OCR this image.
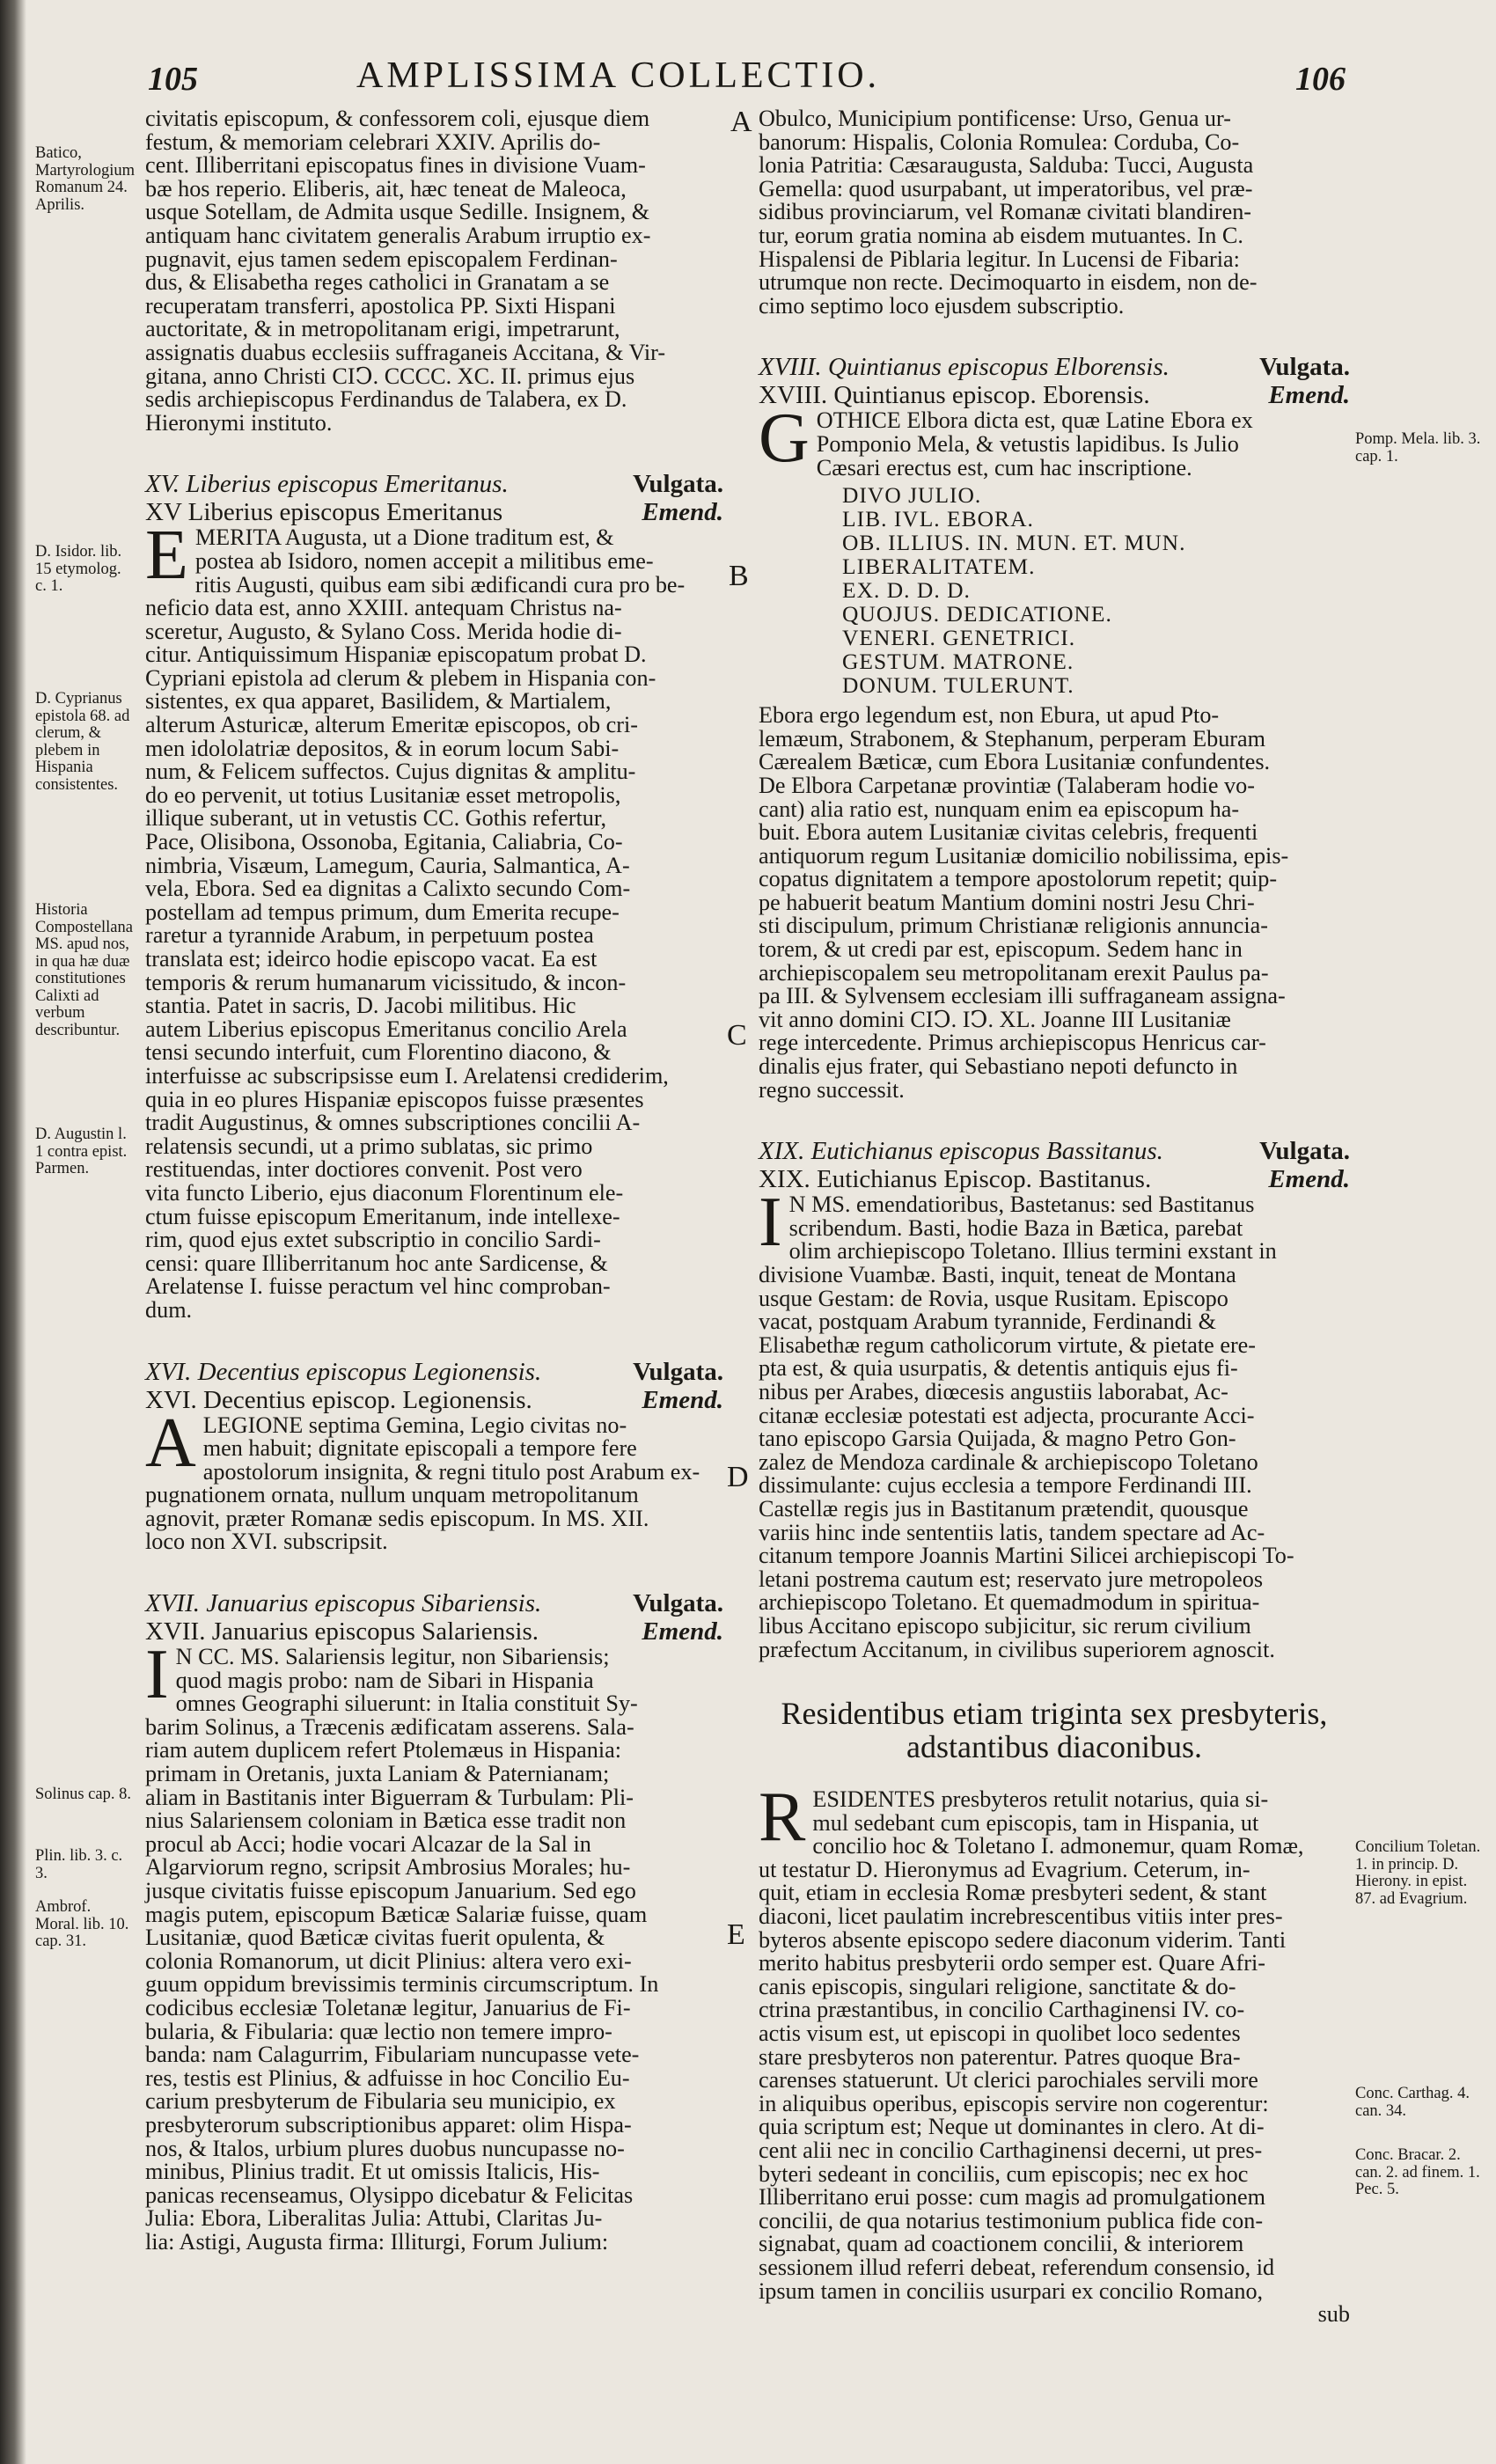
105	AMPLISSIMA COLLECTIO.	106
A
B
C
D
E
Batico, Martyrologium Romanum 24. Aprilis.
D. Isidor. lib. 15 etymolog. c. 1.
D. Cyprianus epistola 68. ad clerum, & plebem in Hispania consistentes.
Historia Compostellana MS. apud nos, in qua hæ duæ constitutiones Calixti ad verbum describuntur.
D. Augustin l. 1 contra epist. Parmen.
Solinus cap. 8.
Plin. lib. 3. c. 3.
Ambrof. Moral. lib. 10. cap. 31.
Pomp. Mela. lib. 3. cap. 1.
Concilium Toletan. 1. in princip. D. Hierony. in epist. 87. ad Evagrium.
Conc. Carthag. 4. can. 34.
Conc. Bracar. 2. can. 2. ad finem. 1. Pec. 5.

civitatis episcopum, & confessorem coli, ejusque diem

festum, & memoriam celebrari XXIV. Aprilis do-

cent. Illiberritani episcopatus fines in divisione Vuam-

bæ hos reperio. Eliberis, ait, hæc teneat de Maleoca,

usque Sotellam, de Admita usque Sedille. Insignem, &

antiquam hanc civitatem generalis Arabum irruptio ex-

pugnavit, ejus tamen sedem episcopalem Ferdinan-

dus, & Elisabetha reges catholici in Granatam a se

recuperatam transferri, apostolica PP. Sixti Hispani

auctoritate, & in metropolitanam erigi, impetrarunt,

assignatis duabus ecclesiis suffraganeis Accitana, & Vir-

gitana, anno Christi CIↃ. CCCC. XC. II. primus ejus

sedis archiepiscopus Ferdinandus de Talabera, ex D.

Hieronymi instituto.

XV. Liberius episcopus Emeritanus.	Vulgata.

XV Liberius episcopus Emeritanus	Emend.

E MERITA Augusta, ut a Dione traditum est, &

postea ab Isidoro, nomen accepit a militibus eme-

ritis Augusti, quibus eam sibi ædificandi cura pro be-

neficio data est, anno XXIII. antequam Christus na-

sceretur, Augusto, & Sylano Coss. Merida hodie di-

citur. Antiquissimum Hispaniæ episcopatum probat D.

Cypriani epistola ad clerum & plebem in Hispania con-

sistentes, ex qua apparet, Basilidem, & Martialem,

alterum Asturicæ, alterum Emeritæ episcopos, ob cri-

men idololatriæ depositos, & in eorum locum Sabi-

num, & Felicem suffectos. Cujus dignitas & amplitu-

do eo pervenit, ut totius Lusitaniæ esset metropolis,

illique suberant, ut in vetustis CC. Gothis refertur,

Pace, Olisibona, Ossonoba, Egitania, Caliabria, Co-

nimbria, Visæum, Lamegum, Cauria, Salmantica, A-

vela, Ebora. Sed ea dignitas a Calixto secundo Com-

postellam ad tempus primum, dum Emerita recupe-

raretur a tyrannide Arabum, in perpetuum postea

translata est; ideirco hodie episcopo vacat. Ea est

temporis & rerum humanarum vicissitudo, & incon-

stantia. Patet in sacris, D. Jacobi militibus. Hic

autem Liberius episcopus Emeritanus concilio Arela

tensi secundo interfuit, cum Florentino diacono, &

interfuisse ac subscripsisse eum I. Arelatensi crediderim,

quia in eo plures Hispaniæ episcopos fuisse præsentes

tradit Augustinus, & omnes subscriptiones concilii A-

relatensis secundi, ut a primo sublatas, sic primo

restituendas, inter doctiores convenit. Post vero

vita functo Liberio, ejus diaconum Florentinum ele-

ctum fuisse episcopum Emeritanum, inde intellexe-

rim, quod ejus extet subscriptio in concilio Sardi-

censi: quare Illiberritanum hoc ante Sardicense, &

Arelatense I. fuisse peractum vel hinc comproban-

dum.

XVI. Decentius episcopus Legionensis.	Vulgata.

XVI. Decentius episcop. Legionensis.	Emend.

A LEGIONE septima Gemina, Legio civitas no-

men habuit; dignitate episcopali a tempore fere

apostolorum insignita, & regni titulo post Arabum ex-

pugnationem ornata, nullum unquam metropolitanum

agnovit, præter Romanæ sedis episcopum. In MS. XII.

loco non XVI. subscripsit.

XVII. Januarius episcopus Sibariensis.	Vulgata.

XVII. Januarius episcopus Salariensis.	Emend.

I N CC. MS. Salariensis legitur, non Sibariensis;

quod magis probo: nam de Sibari in Hispania

omnes Geographi siluerunt: in Italia constituit Sy-

barim Solinus, a Træcenis ædificatam asserens. Sala-

riam autem duplicem refert Ptolemæus in Hispania:

primam in Oretanis, juxta Laniam & Paternianam;

aliam in Bastitanis inter Biguerram & Turbulam: Pli-

nius Salariensem coloniam in Bætica esse tradit non

procul ab Acci; hodie vocari Alcazar de la Sal in

Algarviorum regno, scripsit Ambrosius Morales; hu-

jusque civitatis fuisse episcopum Januarium. Sed ego

magis putem, episcopum Bæticæ Salariæ fuisse, quam

Lusitaniæ, quod Bæticæ civitas fuerit opulenta, &

colonia Romanorum, ut dicit Plinius: altera vero exi-

guum oppidum brevissimis terminis circumscriptum. In

codicibus ecclesiæ Toletanæ legitur, Januarius de Fi-

bularia, & Fibularia: quæ lectio non temere impro-

banda: nam Calagurrim, Fibulariam nuncupasse vete-

res, testis est Plinius, & adfuisse in hoc Concilio Eu-

carium presbyterum de Fibularia seu municipio, ex

presbyterorum subscriptionibus apparet: olim Hispa-

nos, & Italos, urbium plures duobus nuncupasse no-

minibus, Plinius tradit. Et ut omissis Italicis, His-

panicas recenseamus, Olysippo dicebatur & Felicitas

Julia: Ebora, Liberalitas Julia: Attubi, Claritas Ju-

lia: Astigi, Augusta firma: Illiturgi, Forum Julium:

Obulco, Municipium pontificense: Urso, Genua ur-

banorum: Hispalis, Colonia Romulea: Corduba, Co-

lonia Patritia: Cæsaraugusta, Salduba: Tucci, Augusta

Gemella: quod usurpabant, ut imperatoribus, vel præ-

sidibus provinciarum, vel Romanæ civitati blandiren-

tur, eorum gratia nomina ab eisdem mutuantes. In C.

Hispalensi de Piblaria legitur. In Lucensi de Fibaria:

utrumque non recte. Decimoquarto in eisdem, non de-

cimo septimo loco ejusdem subscriptio.

XVIII. Quintianus episcopus Elborensis.	Vulgata.

XVIII. Quintianus episcop. Eborensis.	Emend.

G OTHICE Elbora dicta est, quæ Latine Ebora ex

Pomponio Mela, & vetustis lapidibus. Is Julio

Cæsari erectus est, cum hac inscriptione.

DIVO JULIO.
LIB. IVL. EBORA.
OB. ILLIUS. IN. MUN. ET. MUN.
LIBERALITATEM.
EX. D. D. D.
QUOJUS. DEDICATIONE.
VENERI. GENETRICI.
GESTUM. MATRONE.
DONUM. TULERUNT.

Ebora ergo legendum est, non Ebura, ut apud Pto-

lemæum, Strabonem, & Stephanum, perperam Eburam

Cærealem Bæticæ, cum Ebora Lusitaniæ confundentes.

De Elbora Carpetanæ provintiæ (Talaberam hodie vo-

cant) alia ratio est, nunquam enim ea episcopum ha-

buit. Ebora autem Lusitaniæ civitas celebris, frequenti

antiquorum regum Lusitaniæ domicilio nobilissima, epis-

copatus dignitatem a tempore apostolorum repetit; quip-

pe habuerit beatum Mantium domini nostri Jesu Chri-

sti discipulum, primum Christianæ religionis annuncia-

torem, & ut credi par est, episcopum. Sedem hanc in

archiepiscopalem seu metropolitanam erexit Paulus pa-

pa III. & Sylvensem ecclesiam illi suffraganeam assigna-

vit anno domini CIↃ. IↃ. XL. Joanne III Lusitaniæ

rege intercedente. Primus archiepiscopus Henricus car-

dinalis ejus frater, qui Sebastiano nepoti defuncto in

regno successit.

XIX. Eutichianus episcopus Bassitanus.	Vulgata.

XIX. Eutichianus Episcop. Bastitanus.	Emend.

I N MS. emendatioribus, Bastetanus: sed Bastitanus

scribendum. Basti, hodie Baza in Bætica, parebat

olim archiepiscopo Toletano. Illius termini exstant in

divisione Vuambæ. Basti, inquit, teneat de Montana

usque Gestam: de Rovia, usque Rusitam. Episcopo

vacat, postquam Arabum tyrannide, Ferdinandi &

Elisabethæ regum catholicorum virtute, & pietate ere-

pta est, & quia usurpatis, & detentis antiquis ejus fi-

nibus per Arabes, diœcesis angustiis laborabat, Ac-

citanæ ecclesiæ potestati est adjecta, procurante Acci-

tano episcopo Garsia Quijada, & magno Petro Gon-

zalez de Mendoza cardinale & archiepiscopo Toletano

dissimulante: cujus ecclesia a tempore Ferdinandi III.

Castellæ regis jus in Bastitanum prætendit, quousque

variis hinc inde sententiis latis, tandem spectare ad Ac-

citanum tempore Joannis Martini Silicei archiepiscopi To-

letani postrema cautum est; reservato jure metropoleos

archiepiscopo Toletano. Et quemadmodum in spiritua-

libus Accitano episcopo subjicitur, sic rerum civilium

præfectum Accitanum, in civilibus superiorem agnoscit.

Residentibus etiam triginta sex presbyteris,
adstantibus diaconibus.
R ESIDENTES presbyteros retulit notarius, quia si-

mul sedebant cum episcopis, tam in Hispania, ut

concilio hoc & Toletano I. admonemur, quam Romæ,

ut testatur D. Hieronymus ad Evagrium. Ceterum, in-

quit, etiam in ecclesia Romæ presbyteri sedent, & stant

diaconi, licet paulatim increbrescentibus vitiis inter pres-

byteros absente episcopo sedere diaconum viderim. Tanti

merito habitus presbyterii ordo semper est. Quare Afri-

canis episcopis, singulari religione, sanctitate & do-

ctrina præstantibus, in concilio Carthaginensi IV. co-

actis visum est, ut episcopi in quolibet loco sedentes

stare presbyteros non paterentur. Patres quoque Bra-

carenses statuerunt. Ut clerici parochiales servili more

in aliquibus operibus, episcopis servire non cogerentur:

quia scriptum est; Neque ut dominantes in clero. At di-

cent alii nec in concilio Carthaginensi decerni, ut pres-

byteri sedeant in conciliis, cum episcopis; nec ex hoc

Illiberritano erui posse: cum magis ad promulgationem

concilii, de qua notarius testimonium publica fide con-

signabat, quam ad coactionem concilii, & interiorem

sessionem illud referri debeat, referendum consensio, id

ipsum tamen in conciliis usurpari ex concilio Romano,

sub
